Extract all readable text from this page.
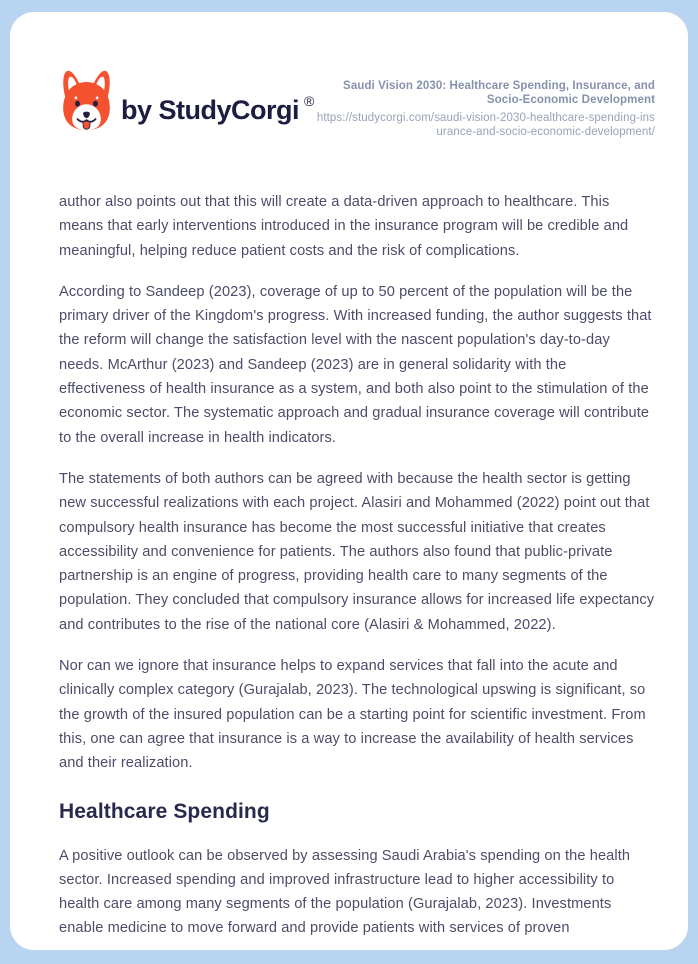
by StudyCorgi ®
Saudi Vision 2030: Healthcare Spending, Insurance, and Socio-Economic Development
https://studycorgi.com/saudi-vision-2030-healthcare-spending-insurance-and-socio-economic-development/

author also points out that this will create a data-driven approach to healthcare. This means that early interventions introduced in the insurance program will be credible and meaningful, helping reduce patient costs and the risk of complications.

According to Sandeep (2023), coverage of up to 50 percent of the population will be the primary driver of the Kingdom's progress. With increased funding, the author suggests that the reform will change the satisfaction level with the nascent population's day-to-day needs. McArthur (2023) and Sandeep (2023) are in general solidarity with the effectiveness of health insurance as a system, and both also point to the stimulation of the economic sector. The systematic approach and gradual insurance coverage will contribute to the overall increase in health indicators.

The statements of both authors can be agreed with because the health sector is getting new successful realizations with each project. Alasiri and Mohammed (2022) point out that compulsory health insurance has become the most successful initiative that creates accessibility and convenience for patients. The authors also found that public-private partnership is an engine of progress, providing health care to many segments of the population. They concluded that compulsory insurance allows for increased life expectancy and contributes to the rise of the national core (Alasiri & Mohammed, 2022).

Nor can we ignore that insurance helps to expand services that fall into the acute and clinically complex category (Gurajalab, 2023). The technological upswing is significant, so the growth of the insured population can be a starting point for scientific investment. From this, one can agree that insurance is a way to increase the availability of health services and their realization.

Healthcare Spending

A positive outlook can be observed by assessing Saudi Arabia's spending on the health sector. Increased spending and improved infrastructure lead to higher accessibility to health care among many segments of the population (Gurajalab, 2023). Investments enable medicine to move forward and provide patients with services of proven
